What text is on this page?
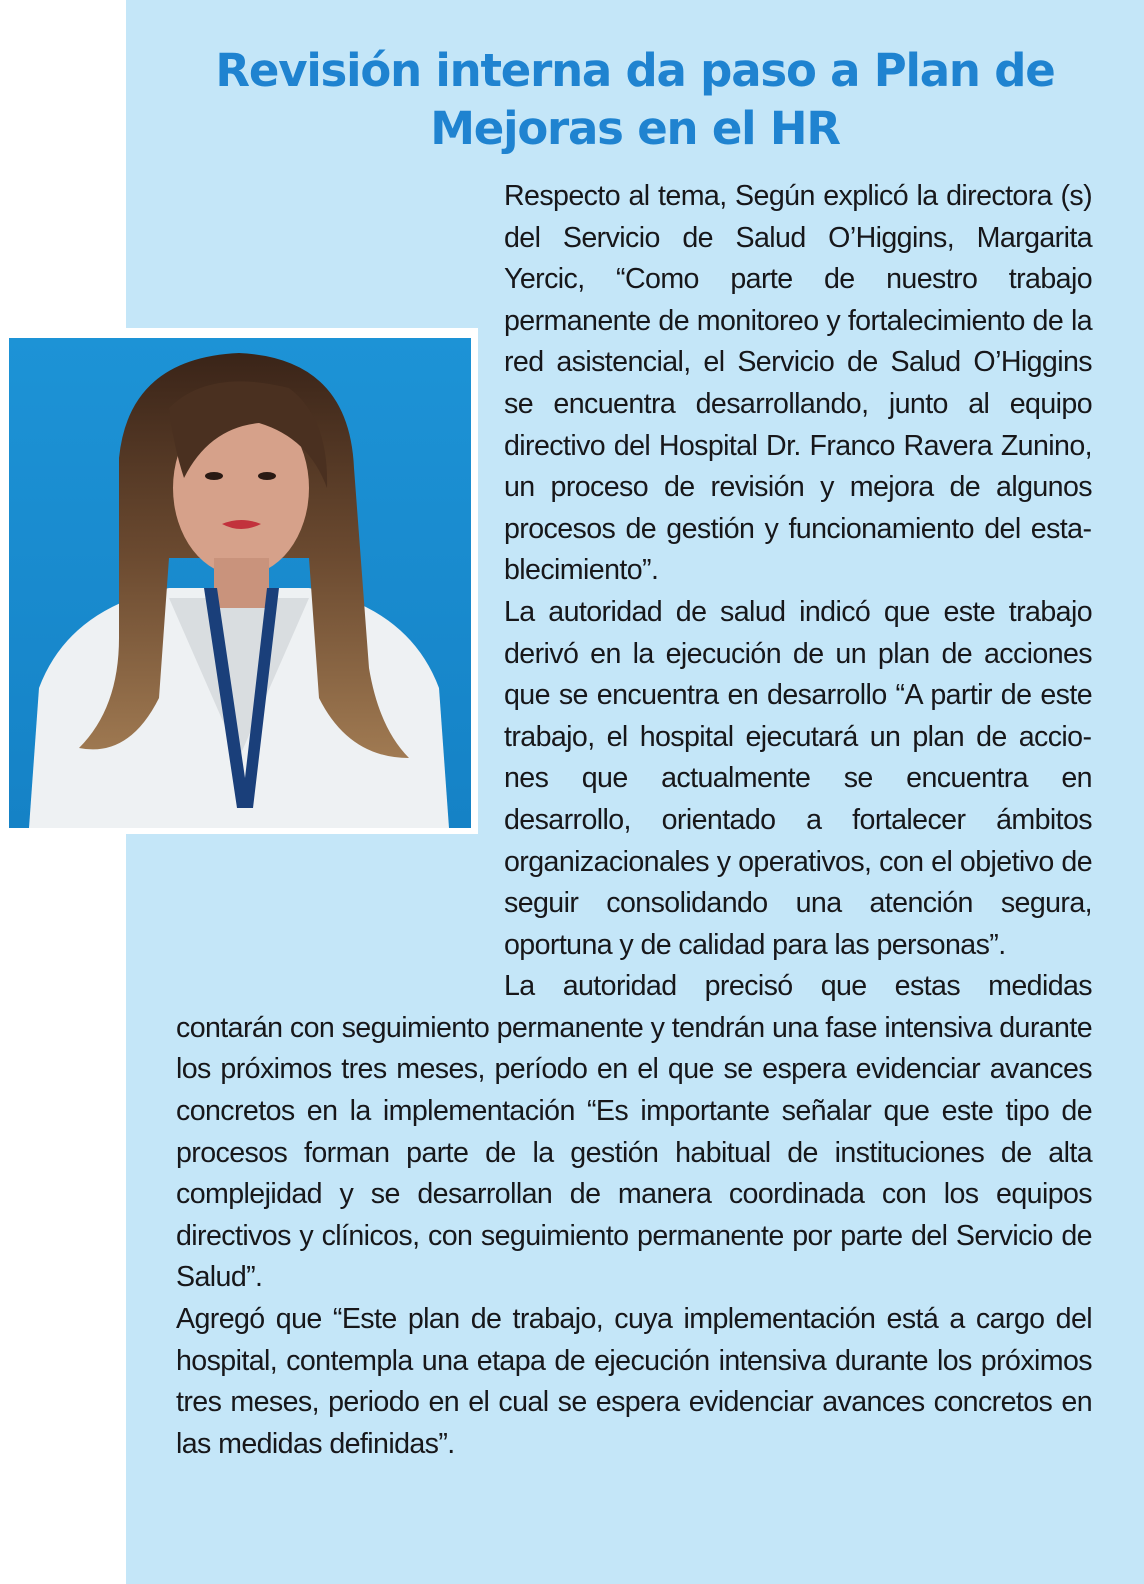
Revisión interna da paso a Plan de Mejoras en el HR

Respecto al tema, Según explicó la directora (s) del Servicio de Salud O’Higgins, Margarita Yercic, “Como parte de nuestro trabajo permanente de monitoreo y fortalecimiento de la red asistencial, el Servicio de Salud O’Higgins se encuentra desarrollando, junto al equipo directivo del Hospital Dr. Franco Ravera Zunino, un proceso de revisión y mejora de algunos procesos de gestión y funcionamiento del establecimiento”.

La autoridad de salud indicó que este trabajo derivó en la ejecución de un plan de acciones que se encuentra en desarrollo “A partir de este trabajo, el hospital ejecutará un plan de acciones que actualmente se encuentra en desarrollo, orientado a fortalecer ámbitos organizacionales y operativos, con el objetivo de seguir consolidando una atención segura, oportuna y de calidad para las personas”.

La autoridad precisó que estas medidas contarán con seguimiento permanente y tendrán una fase intensiva durante los próximos tres meses, período en el que se espera evidenciar avances concretos en la implementación “Es importante señalar que este tipo de procesos forman parte de la gestión habitual de instituciones de alta complejidad y se desarrollan de manera coordinada con los equipos directivos y clínicos, con seguimiento permanente por parte del Servicio de Salud”.

Agregó que “Este plan de trabajo, cuya implementación está a cargo del hospital, contempla una etapa de ejecución intensiva durante los próximos tres meses, periodo en el cual se espera evidenciar avances concretos en las medidas definidas”.
